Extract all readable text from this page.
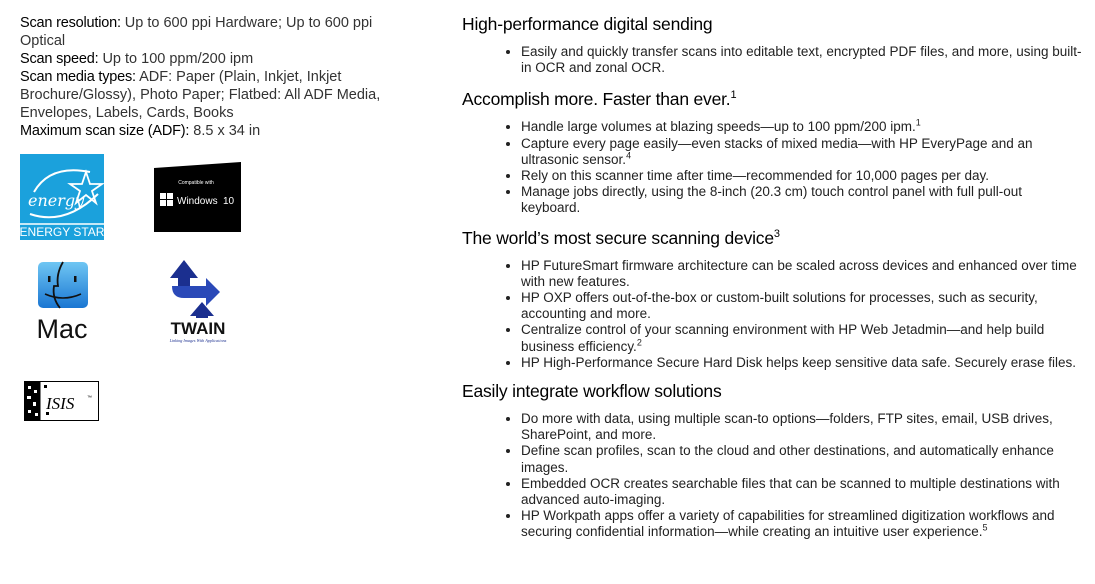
Scan resolution: Up to 600 ppi Hardware; Up to 600 ppi Optical

Scan speed: Up to 100 ppm/200 ipm

Scan media types: ADF: Paper (Plain, Inkjet, Inkjet Brochure/Glossy), Photo Paper; Flatbed: All ADF Media, Envelopes, Labels, Cards, Books

Maximum scan size (ADF): 8.5 x 34 in

energy
ENERGY STAR
Compatible with
Windows 10
Mac	TWAIN
Linking Images With Applications
ISIS	™
High-performance digital sending
• Easily and quickly transfer scans into editable text, encrypted PDF files, and more, using built-in OCR and zonal OCR.
Accomplish more. Faster than ever.$^1$
• Handle large volumes at blazing speeds—up to 100 ppm/200 ipm.$^1$
• Capture every page easily—even stacks of mixed media—with HP EveryPage and an ultrasonic sensor.$^4$
• Rely on this scanner time after time—recommended for 10,000 pages per day.
• Manage jobs directly, using the 8-inch (20.3 cm) touch control panel with full pull-out keyboard.
The world’s most secure scanning device$^3$
• HP FutureSmart firmware architecture can be scaled across devices and enhanced over time with new features.
• HP OXP offers out-of-the-box or custom-built solutions for processes, such as security, accounting and more.
• Centralize control of your scanning environment with HP Web Jetadmin—and help build business efficiency.$^2$
• HP High-Performance Secure Hard Disk helps keep sensitive data safe. Securely erase files.
Easily integrate workflow solutions
• Do more with data, using multiple scan-to options—folders, FTP sites, email, USB drives, SharePoint, and more.
• Define scan profiles, scan to the cloud and other destinations, and automatically enhance images.
• Embedded OCR creates searchable files that can be scanned to multiple destinations with advanced auto-imaging.
• HP Workpath apps offer a variety of capabilities for streamlined digitization workflows and securing confidential information—while creating an intuitive user experience.$^5$
